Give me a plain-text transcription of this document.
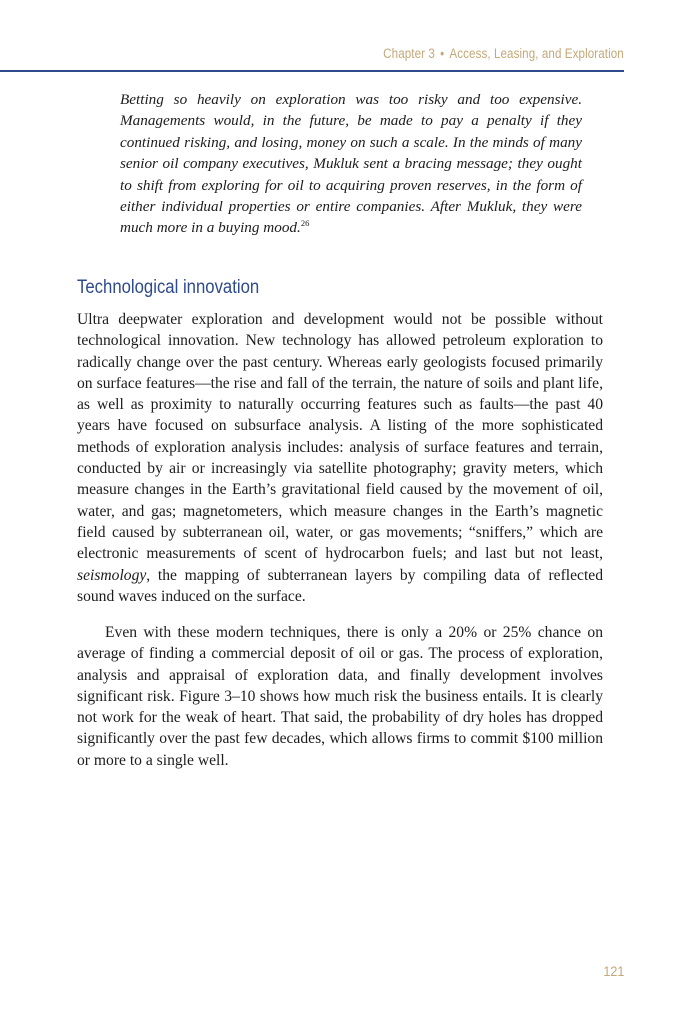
Chapter 3 • Access, Leasing, and Exploration

Betting so heavily on exploration was too risky and too expensive. Managements would, in the future, be made to pay a penalty if they continued risking, and losing, money on such a scale. In the minds of many senior oil company executives, Mukluk sent a bracing message; they ought to shift from exploring for oil to acquiring proven reserves, in the form of either individual properties or entire companies. After Mukluk, they were much more in a buying mood.$^{26}$

Technological innovation

Ultra deepwater exploration and development would not be possible without technological innovation. New technology has allowed petroleum exploration to radically change over the past century. Whereas early geologists focused primarily on surface features—the rise and fall of the terrain, the nature of soils and plant life, as well as proximity to naturally occurring features such as faults—the past 40 years have focused on subsurface analysis. A listing of the more sophisticated methods of exploration analysis includes: analysis of surface features and terrain, conducted by air or increasingly via satellite photography; gravity meters, which measure changes in the Earth’s gravitational field caused by the movement of oil, water, and gas; magnetometers, which measure changes in the Earth’s magnetic field caused by subterranean oil, water, or gas movements; “sniffers,” which are electronic measurements of scent of hydrocarbon fuels; and last but not least, seismology, the mapping of subterranean layers by compiling data of reflected sound waves induced on the surface.

Even with these modern techniques, there is only a 20% or 25% chance on average of finding a commercial deposit of oil or gas. The process of exploration, analysis and appraisal of exploration data, and finally development involves significant risk. Figure 3–10 shows how much risk the business entails. It is clearly not work for the weak of heart. That said, the probability of dry holes has dropped significantly over the past few decades, which allows firms to commit $100 million or more to a single well.

121
